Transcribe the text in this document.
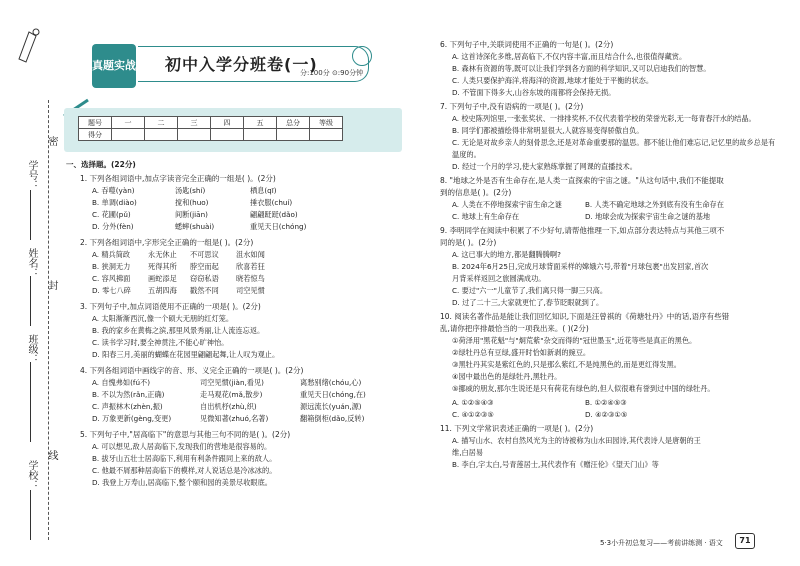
密
封
线
学号：
姓名：
班级：
学校：
真题实战 初中入学分班卷(一)
分:100分 ⊙:90分钟
题号	一	二	三	四	五	总分	等级
得分							
一、选择题。(22分)
1. 下列各组词语中,加点字读音完全正确的一组是( )。(2分)
A. 吞噬(yàn)	汤匙(shí)	栖息(qī)
B. 单调(diào)	搅和(huo)	捶衣服(chuí)
C. 花圃(pǔ)	间断(jiān)	翩翩跹跹(dǎo)
D. 分外(fèn)	蟋蟀(shuài)	重见天日(chóng)
2. 下列各组词语中,字形完全正确的一组是( )。(2分)
A. 精兵简政 永无休止 不可思议 沮水如闻
B. 狭洞无力 死得其所 脖空而起 欣喜若狂
C. 容风拂面 画蛇添足 窃窃私语 晓若惊鸟
D. 零七八碎 五胡四海 戳然不同 司空见惯
3. 下列句子中,加点词语使用不正确的一项是( )。(2分)
A. 太阳渐渐西沉,像一个硕大无朋的红灯笼。
B. 我的家乡在黄梅之滨,那里风景秀丽,让人流连忘返。
C. 读书学习时,要全神贯注,不能心旷神怡。
D. 阳春三月,美丽的蝴蝶在花园里翩翩起舞,让人叹为观止。
4. 下列各组词语中画线字的音、形、义完全正确的一项是( )。(2分)
A. 自愧弗如(fú不)	司空见惯(jiàn,看见)	离愁别绪(chóu,心)
B. 不以为然(rǎn,正确)	走马观花(mǎ,散步)	重见天日(chóng,在)
C. 声振林木(zhèn,振)	自出机杼(zhù,织)	源远流长(yuán,源)
D. 万象更新(gèng,变更)	见微知著(zhuó,名著)	翻箱倒柜(dǎo,反转)
5. 下列句子中,"居高临下"的意思与其他三句不同的是( )。(2分)
A. 可以想见,敌人居高临下,发现我们的营地是很容易的。
B. 拔牙山五壮士居高临下,利用有利条件跟同上来的敌人。
C. 他最不屑那种居高临下的模样,对人说话总是冷冰冰的。
D. 我登上万寿山,居高临下,整个颐和园的美景尽收眼底。
6. 下列句子中,关联词使用不正确的一句是( )。(2分)
A. 这首诗深化多维,居高临下,不仅内容丰富,而且结合什么,也很值得藏赏。
B. 森林有资源的等,既可以让我们学到各方面的科学知识,又可以启迪我们的智慧。
C. 人类只要保护海洋,将海洋的资源,地球才能处于平衡的状态。
D. 不管面下得多大,山谷东坡的雨都将会保持无损。
7. 下列句子中,没有语病的一项是( )。(2分)
A. 校史陈列馆里,一张张奖状、一排排奖杯,不仅代表着学校的荣誉光彩,无一每青春汗水的结晶。
B. 同学们都被描绘得非常明显很大,人就容易变得骄傲自负。
C. 无论是对故乡亲人的刻骨思念,还是对革命重要那的温思。都不能让他们难忘记,记忆里的故乡总是有
温度的。
D. 经过一个月的学习,使大家熟练掌握了网课的直播技术。
8. "地球之外是否有生命存在,是人类一直探索的宇宙之谜。"从这句话中,我们不能提取
到的信息是( )。(2分)
A. 人类在不停地探索宇宙生命之谜	B. 人类不确定地球之外到底有没有生命存在
C. 地球上有生命存在	D. 地球会成为探索宇宙生命之谜的基地
9. 李明同学在阅读中积累了不少好句,请帮他推理一下,如点部分表达特点与其他三项不
同的是( )。(2分)
A. 这已事大的地方,都是翻腾腾啊?
B. 2024年6月25日,完成月球背面采样的嫦娥六号,带着"月球包裹"出发回家,首次
月背采样返回之旅圆满成功。
C. 要过"六一"儿童节了,我们离只得一脚三只高。
D. 过了二十三,大家就更忙了,春节眨眼就到了。
10. 阅读名著作品是能让我们回忆知识,下面是汪曾祺的《荷塘牡丹》中的话,语序有些错
乱,请你把序排最恰当的一项我出来。( )(2分)
①荷泽用"黑花魁"与"炯荒紫"杂交而得的"冠世墨玉",近花等些是真正的黑色。
②绿牡丹总有豆绿,盛开时恰如新剥的豌豆。
③黑牡丹其实是紫红色的,只是那么紫红,不是纯黑色的,而是更红得发黑。
④园中最出色的是绿牡丹,黑牡丹。
⑤挪威的朋友,那尔生说还是只有荷花有绿色的,但人似很难有誉到过中国的绿牡丹。
A. ①②⑤④③	B. ①②④⑤③
C. ④①②③⑤	D. ④②③①⑤
11. 下列文学常识表述正确的一项是( )。(2分)
A. 描写山水、农村自然风光为主的诗被称为山水田园诗,其代表诗人是唐朝的王
维,白居易
B. 李白,字太白,号青莲居士,其代表作有《赠汪伦》《望天门山》等
5·3小升初总复习——考前讲练测 · 语文	71
